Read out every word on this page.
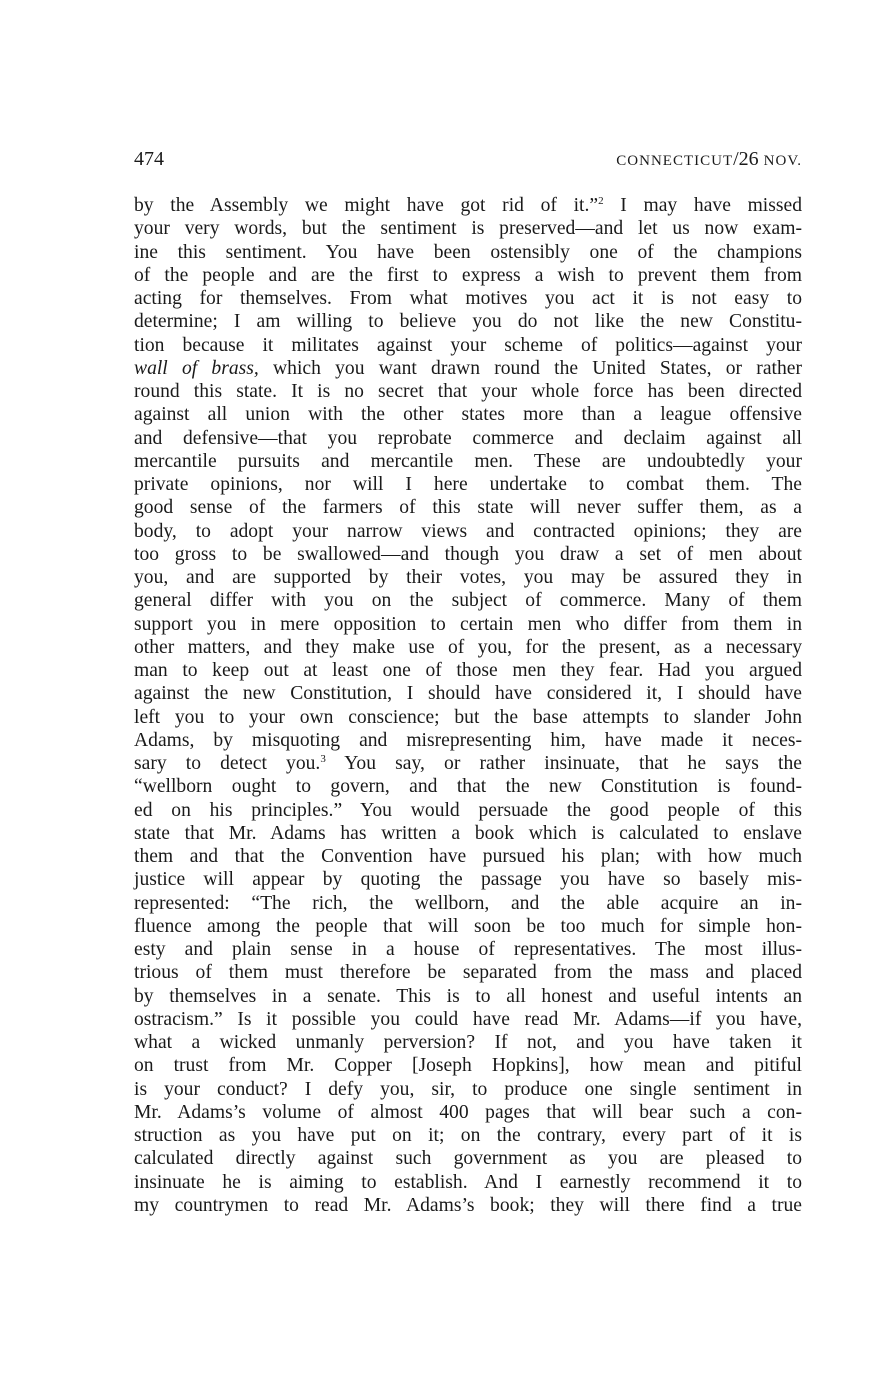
474	CONNECTICUT/26 NOV.
by the Assembly we might have got rid of it.”$^2$ I may have missed
your very words, but the sentiment is preserved—and let us now exam-
ine this sentiment. You have been ostensibly one of the champions
of the people and are the first to express a wish to prevent them from
acting for themselves. From what motives you act it is not easy to
determine; I am willing to believe you do not like the new Constitu-
tion because it militates against your scheme of politics—against your
wall of brass, which you want drawn round the United States, or rather
round this state. It is no secret that your whole force has been directed
against all union with the other states more than a league offensive
and defensive—that you reprobate commerce and declaim against all
mercantile pursuits and mercantile men. These are undoubtedly your
private opinions, nor will I here undertake to combat them. The
good sense of the farmers of this state will never suffer them, as a
body, to adopt your narrow views and contracted opinions; they are
too gross to be swallowed—and though you draw a set of men about
you, and are supported by their votes, you may be assured they in
general differ with you on the subject of commerce. Many of them
support you in mere opposition to certain men who differ from them in
other matters, and they make use of you, for the present, as a necessary
man to keep out at least one of those men they fear. Had you argued
against the new Constitution, I should have considered it, I should have
left you to your own conscience; but the base attempts to slander John
Adams, by misquoting and misrepresenting him, have made it neces-
sary to detect you.$^3$ You say, or rather insinuate, that he says the
“wellborn ought to govern, and that the new Constitution is found-
ed on his principles.” You would persuade the good people of this
state that Mr. Adams has written a book which is calculated to enslave
them and that the Convention have pursued his plan; with how much
justice will appear by quoting the passage you have so basely mis-
represented: “The rich, the wellborn, and the able acquire an in-
fluence among the people that will soon be too much for simple hon-
esty and plain sense in a house of representatives. The most illus-
trious of them must therefore be separated from the mass and placed
by themselves in a senate. This is to all honest and useful intents an
ostracism.” Is it possible you could have read Mr. Adams—if you have,
what a wicked unmanly perversion? If not, and you have taken it
on trust from Mr. Copper [Joseph Hopkins], how mean and pitiful
is your conduct? I defy you, sir, to produce one single sentiment in
Mr. Adams’s volume of almost 400 pages that will bear such a con-
struction as you have put on it; on the contrary, every part of it is
calculated directly against such government as you are pleased to
insinuate he is aiming to establish. And I earnestly recommend it to
my countrymen to read Mr. Adams’s book; they will there find a true
